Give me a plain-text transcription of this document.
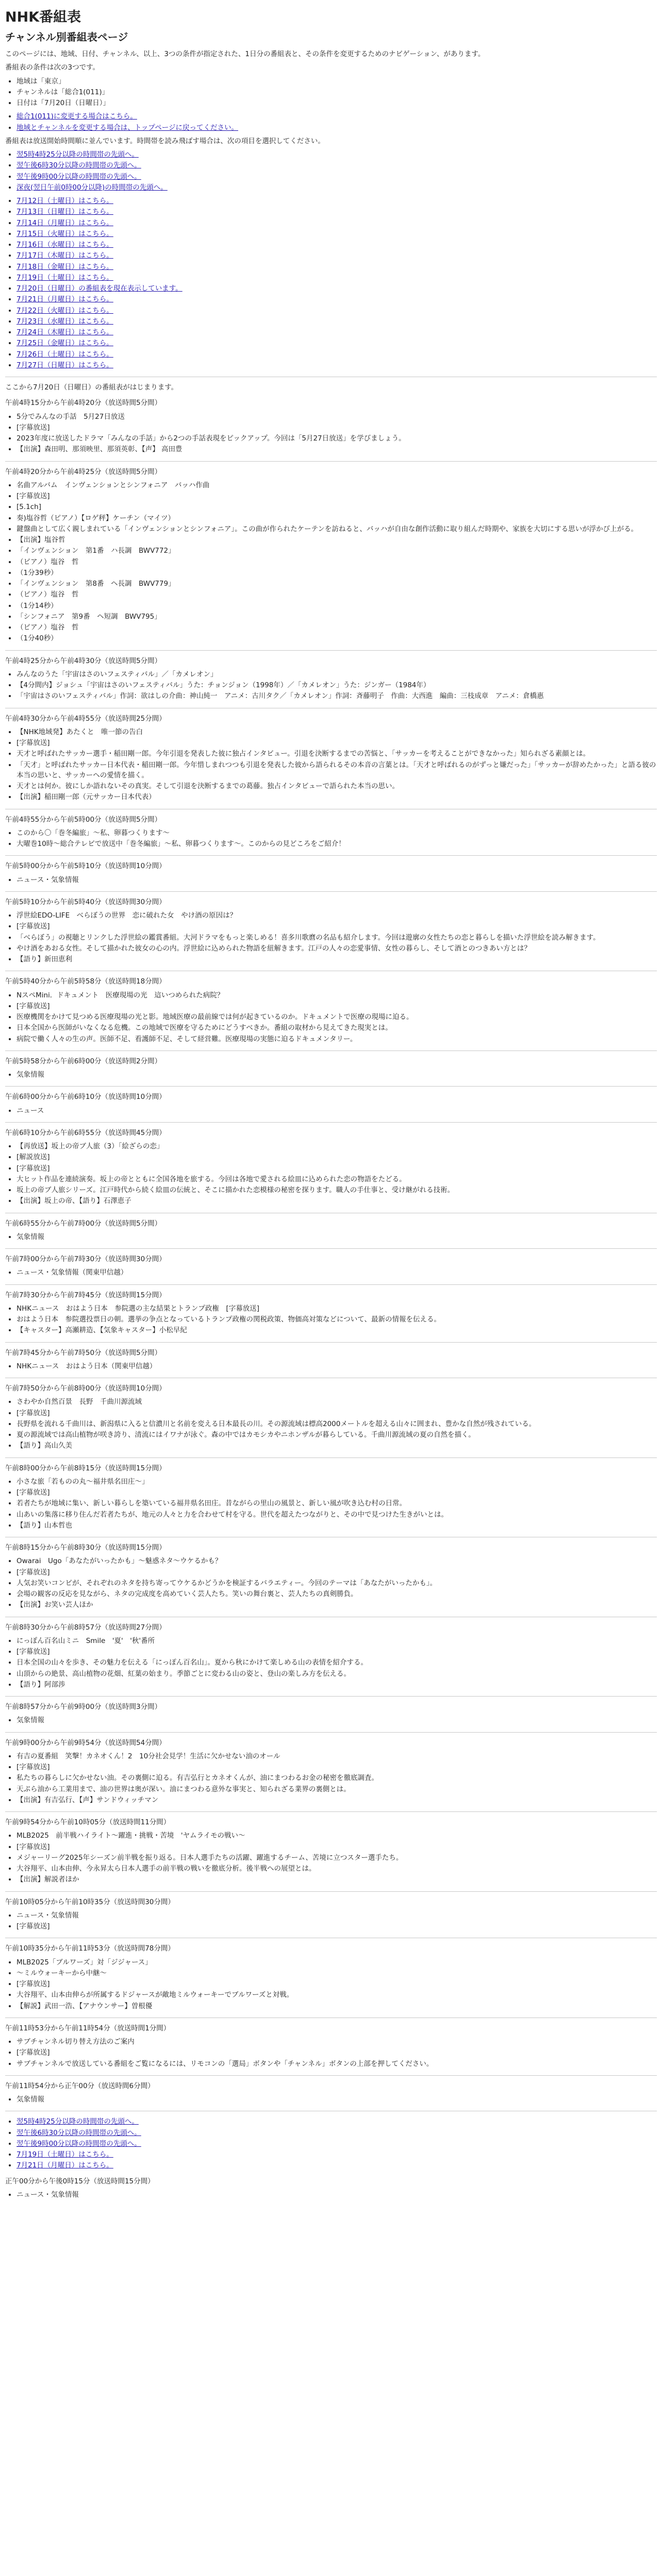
NHK番組表
チャンネル別番組表ページ

このページには、地域、日付、チャンネル、以上、3つの条件が指定された、1日分の番組表と、その条件を変更するためのナビゲーション、があります。

番組表の条件は次の3つです。

• 地域は「東京」
• チャンネルは「総合1(011)」
• 日付は「7月20日（日曜日）」
• 総合1(011)に変更する場合はこちら。
• 地域とチャンネルを変更する場合は、トップページに戻ってください。

番組表は放送開始時間順に並んでいます。時間帯を読み飛ばす場合は、次の項目を選択してください。

• 翌5時4時25分以降の時間帯の先頭へ。
• 翌午後6時30分以降の時間帯の先頭へ。
• 翌午後9時00分以降の時間帯の先頭へ。
• 深夜(翌日午前0時00分以降)の時間帯の先頭へ。
• 7月12日（土曜日）はこちら。
• 7月13日（日曜日）はこちら。
• 7月14日（月曜日）はこちら。
• 7月15日（火曜日）はこちら。
• 7月16日（水曜日）はこちら。
• 7月17日（木曜日）はこちら。
• 7月18日（金曜日）はこちら。
• 7月19日（土曜日）はこちら。
• 7月20日（日曜日）の番組表を現在表示しています。
• 7月21日（月曜日）はこちら。
• 7月22日（火曜日）はこちら。
• 7月23日（水曜日）はこちら。
• 7月24日（木曜日）はこちら。
• 7月25日（金曜日）はこちら。
• 7月26日（土曜日）はこちら。
• 7月27日（日曜日）はこちら。

ここから7月20日（日曜日）の番組表がはじまります。

午前4時15分から午前4時20分（放送時間5分間）

• 5分でみんなの手話　5月27日放送
• [字幕放送]
• 2023年度に放送したドラマ「みんなの手話」から2つの手話表現をピックアップ。今回は「5月27日放送」を学びましょう。
• 【出演】森田明、那須映里、那須英彰、【声】 高田豊

午前4時20分から午前4時25分（放送時間5分間）

• 名曲アルバム　インヴェンションとシンフォニア　バッハ作曲
• [字幕放送]
• [5.1ch]
• 奏)塩谷哲（ピアノ）【ロゲ秤】ケーチン（マイツ）
• 鍵盤曲として広く親しまれている「インヴェンションとシンフォニア」。この曲が作られたケーテンを訪ねると、バッハが自由な創作活動に取り組んだ時期や、家族を大切にする思いが浮かび上がる。
• 【出演】塩谷哲
• 「インヴェンション　第1番　ハ長調　BWV772」
• （ピアノ）塩谷　哲
• （1分39秒）
• 「インヴェンション　第8番　ヘ長調　BWV779」
• （ピアノ）塩谷　哲
• （1分14秒）
• 「シンフォニア　第9番　ヘ短調　BWV795」
• （ピアノ）塩谷　哲
• （1分40秒）

午前4時25分から午前4時30分（放送時間5分間）

• みんなのうた「宇宙はさのいフェスティバル」／「カメレオン」
• 【4分間内】ジョシュ「宇宙はさのいフェスティバル」うた：チョンジョン（1998年）／「カメレオン」うた：ジンガー（1984年）
• 「宇宙はさのいフェスティバル」作詞：欲はしの介曲：神山純一　アニメ：古川タク／「カメレオン」作詞：斉藤明子　作曲：大西進　編曲：三枝成章　アニメ：倉橋惠

午前4時30分から午前4時55分（放送時間25分間）

• 【NHK地域発】あたくと　唯一節の告白
• [字幕放送]
• 天才と呼ばれたサッカー選手・稲田剛一郎。今年引退を発表した彼に独占インタビュー。引退を決断するまでの苦悩と、「サッカーを考えることができなかった」知られざる素顔とは。
• 「天才」と呼ばれたサッカー日本代表・稲田剛一郎。今年惜しまれつつも引退を発表した彼から語られるその本音の言葉とは。「天才と呼ばれるのがずっと嫌だった」「サッカーが辞めたかった」と語る彼の本当の思いと、サッカーへの愛情を描く。
• 天才とは何か。彼にしか語れないその真実。そして引退を決断するまでの葛藤。独占インタビューで語られた本当の思い。
• 【出演】稲田剛一郎（元サッカー日本代表）

午前4時55分から午前5時00分（放送時間5分間）

• このから〇「巻冬編旅」〜私、卵暮つくります〜
• 大曜巻10時〜総合テレビで放送中「巻冬編旅」〜私、卵暮つくります〜。このからの見どころをご紹介！

午前5時00分から午前5時10分（放送時間10分間）

• ニュース・気象情報

午前5時10分から午前5時40分（放送時間30分間）

• 浮世絵EDO-LIFE　べらぼうの世界　恋に破れた女　やけ酒の原因は？
• [字幕放送]
• 「べらぼう」の視聴とリンクした浮世絵の鑑賞番組。大河ドラマをもっと楽しめる！喜多川歌麿の名品も紹介します。今回は遊廓の女性たちの恋と暮らしを描いた浮世絵を読み解きます。
• やけ酒をあおる女性。そして描かれた彼女の心の内。浮世絵に込められた物語を紐解きます。江戸の人々の恋愛事情、女性の暮らし、そして酒とのつきあい方とは？
• 【語り】新田恵利

午前5時40分から午前5時58分（放送時間18分間）

• NスペMini．ドキュメント　医療現場の光　這いつめられた病院？
• [字幕放送]
• 医療機関をかけて見つめる医療現場の光と影。地域医療の最前線では何が起きているのか。ドキュメントで医療の現場に迫る。
• 日本全国から医師がいなくなる危機。この地域で医療を守るためにどうすべきか。番組の取材から見えてきた現実とは。
• 病院で働く人々の生の声。医師不足、看護師不足、そして経営難。医療現場の実態に迫るドキュメンタリー。

午前5時58分から午前6時00分（放送時間2分間）

• 気象情報

午前6時00分から午前6時10分（放送時間10分間）

• ニュース

午前6時10分から午前6時55分（放送時間45分間）

• 【再放送】坂上の帝ブ人旅（3）「絵ざらの恋」
• [解説放送]
• [字幕放送]
• 大ヒット作品を連続演奏。坂上の帝とともに全国各地を旅する。今回は各地で愛される絵皿に込められた恋の物語をたどる。
• 坂上の帝ブ人旅シリーズ。江戸時代から続く絵皿の伝統と、そこに描かれた恋模様の秘密を探ります。職人の手仕事と、受け継がれる技術。
• 【出演】坂上の帝、【語り】石澤恵子

午前6時55分から午前7時00分（放送時間5分間）

• 気象情報

午前7時00分から午前7時30分（放送時間30分間）

• ニュース・気象情報（関東甲信越）

午前7時30分から午前7時45分（放送時間15分間）

• NHKニュース　おはよう日本　参院選の主な結果とトランプ政権　[字幕放送]
• おはよう日本　参院選投票日の朝。選挙の争点となっているトランプ政権の関税政策、物価高対策などについて、最新の情報を伝える。
• 【キャスター】高瀬耕造、【気象キャスター】小松早紀

午前7時45分から午前7時50分（放送時間5分間）

• NHKニュース　おはよう日本（関東甲信越）

午前7時50分から午前8時00分（放送時間10分間）

• さわやか自然百景　長野　千曲川源流域
• [字幕放送]
• 長野県を流れる千曲川は、新潟県に入ると信濃川と名前を変える日本最長の川。その源流域は標高2000メートルを超える山々に囲まれ、豊かな自然が残されている。
• 夏の源流域では高山植物が咲き誇り、清流にはイワナが泳ぐ。森の中ではカモシカやニホンザルが暮らしている。千曲川源流域の夏の自然を描く。
• 【語り】高山久美

午前8時00分から午前8時15分（放送時間15分間）

• 小さな旅「若ものの丸〜福井県名田庄〜」
• [字幕放送]
• 若者たちが地域に集い、新しい暮らしを築いている福井県名田庄。昔ながらの里山の風景と、新しい風が吹き込む村の日常。
• 山あいの集落に移り住んだ若者たちが、地元の人々と力を合わせて村を守る。世代を超えたつながりと、その中で見つけた生きがいとは。
• 【語り】山本哲也

午前8時15分から午前8時30分（放送時間15分間）

• Owarai　Ugo「あなたがいったかも」〜魅惑ネタ〜ウケるかも？
• [字幕放送]
• 人気お笑いコンビが、それぞれのネタを持ち寄ってウケるかどうかを検証するバラエティー。今回のテーマは「あなたがいったかも」。
• 会場の観客の反応を見ながら、ネタの完成度を高めていく芸人たち。笑いの舞台裏と、芸人たちの真剣勝負。
• 【出演】お笑い芸人ほか

午前8時30分から午前8時57分（放送時間27分間）

• にっぽん百名山ミニ　Smile　'夏'　'秋'番所
• [字幕放送]
• 日本全国の山々を歩き、その魅力を伝える「にっぽん百名山」。夏から秋にかけて楽しめる山の表情を紹介する。
• 山頂からの絶景、高山植物の花畑、紅葉の始まり。季節ごとに変わる山の姿と、登山の楽しみ方を伝える。
• 【語り】阿部渉

午前8時57分から午前9時00分（放送時間3分間）

• 気象情報

午前9時00分から午前9時54分（放送時間54分間）

• 有吉の夏番組　笑撃！カネオくん！2　10分社会見学！生活に欠かせない油のオール
• [字幕放送]
• 私たちの暮らしに欠かせない油。その裏側に迫る。有吉弘行とカネオくんが、油にまつわるお金の秘密を徹底調査。
• 天ぷら油から工業用まで、油の世界は奥が深い。油にまつわる意外な事実と、知られざる業界の裏側とは。
• 【出演】有吉弘行、【声】サンドウィッチマン

午前9時54分から午前10時05分（放送時間11分間）

• MLB2025　前半戦ハイライト〜躍進・挑戦・苦境　'ヤムライモの戦い〜
• [字幕放送]
• メジャーリーグ2025年シーズン前半戦を振り返る。日本人選手たちの活躍、躍進するチーム、苦境に立つスター選手たち。
• 大谷翔平、山本由伸、今永昇太ら日本人選手の前半戦の戦いを徹底分析。後半戦への展望とは。
• 【出演】解説者ほか

午前10時05分から午前10時35分（放送時間30分間）

• ニュース・気象情報
• [字幕放送]

午前10時35分から午前11時53分（放送時間78分間）

• MLB2025「ブルワーズ」対「ジジャース」
• 〜ミルウォーキーから中継〜
• [字幕放送]
• 大谷翔平、山本由伸らが所属するドジャースが敵地ミルウォーキーでブルワーズと対戦。
• 【解説】武田一浩、【アナウンサー】曽根優

午前11時53分から午前11時54分（放送時間1分間）

• サブチャンネル切り替え方法のご案内
• [字幕放送]
• サブチャンネルで放送している番組をご覧になるには、リモコンの「選局」ボタンや「チャンネル」ボタンの上部を押してください。

午前11時54分から正午00分（放送時間6分間）

• 気象情報
• 翌5時4時25分以降の時間帯の先頭へ。
• 翌午後6時30分以降の時間帯の先頭へ。
• 翌午後9時00分以降の時間帯の先頭へ。
• 7月19日（土曜日）はこちら。
• 7月21日（月曜日）はこちら。

正午00分から午後0時15分（放送時間15分間）

• ニュース・気象情報
